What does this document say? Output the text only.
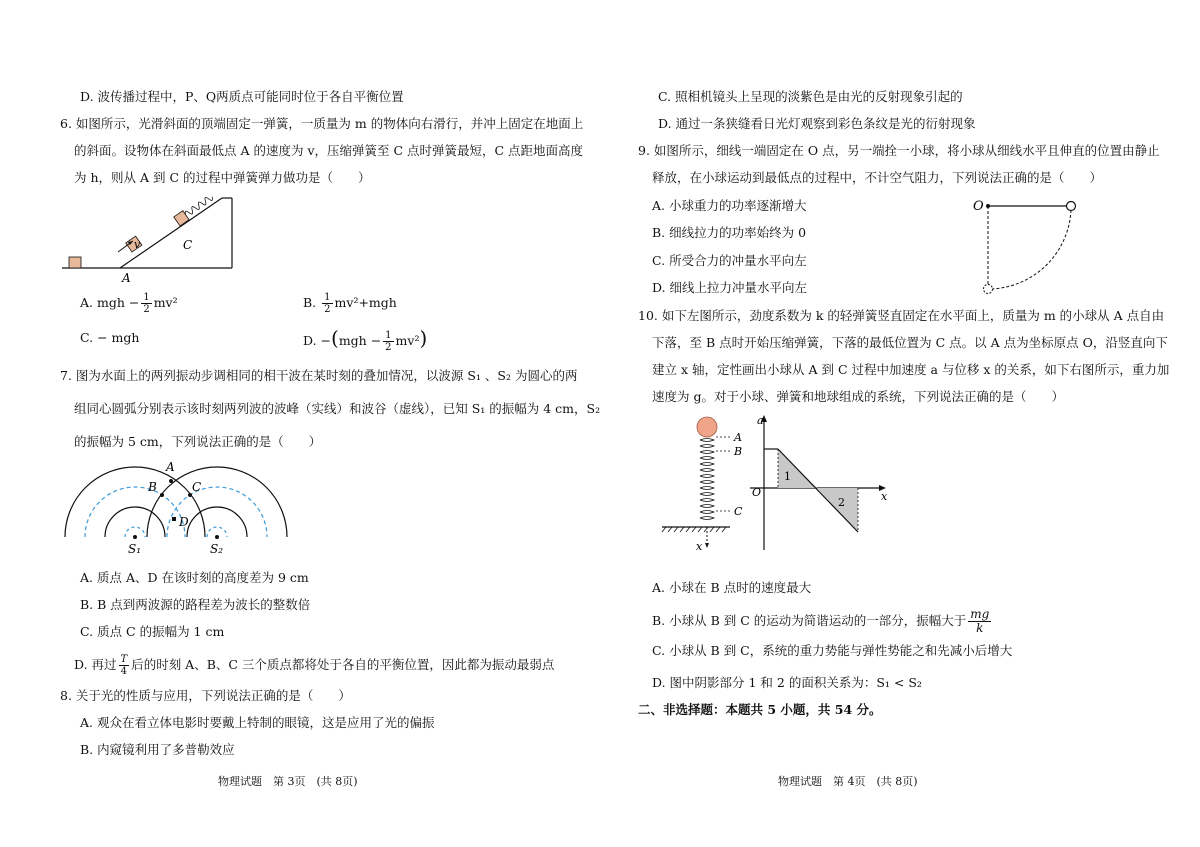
D. 波传播过程中，P、Q两质点可能同时位于各自平衡位置
6. 如图所示，光滑斜面的顶端固定一弹簧，一质量为 m 的物体向右滑行，并冲上固定在地面上
的斜面。设物体在斜面最低点 A 的速度为 v，压缩弹簧至 C 点时弹簧最短，C 点距地面高度
为 h，则从 A 到 C 的过程中弹簧弹力做功是（　　）
v
A
C
A. mgh − $\frac{1}{2} mv^2$	B. $\frac{1}{2} mv^2+mgh$
C. − mgh	D. $-(mgh - \frac{1}{2} mv^2)$
7. 图为水面上的两列振动步调相同的相干波在某时刻的叠加情况，以波源 S₁ 、S₂ 为圆心的两
组同心圆弧分别表示该时刻两列波的波峰（实线）和波谷（虚线），已知 S₁ 的振幅为 4 cm，S₂
的振幅为 5 cm，下列说法正确的是（　　）
A
B	C
D
S₁	S₂
A. 质点 A、D 在该时刻的高度差为 9 cm
B. B 点到两波源的路程差为波长的整数倍
C. 质点 C 的振幅为 1 cm
D. 再过 $\frac{T}{4}$ 后的时刻 A、B、C 三个质点都将处于各自的平衡位置，因此都为振动最弱点
8. 关于光的性质与应用，下列说法正确的是（　　）
A. 观众在看立体电影时要戴上特制的眼镜，这是应用了光的偏振
B. 内窥镜利用了多普勒效应
物理试题　第 3页　(共 8页)
C. 照相机镜头上呈现的淡紫色是由光的反射现象引起的
D. 通过一条狭缝看日光灯观察到彩色条纹是光的衍射现象
9. 如图所示，细线一端固定在 O 点，另一端拴一小球，将小球从细线水平且伸直的位置由静止
释放，在小球运动到最低点的过程中，不计空气阻力，下列说法正确的是（　　）
A. 小球重力的功率逐渐增大
B. 细线拉力的功率始终为 0
C. 所受合力的冲量水平向左
D. 细线上拉力冲量水平向左
O
10. 如下左图所示，劲度系数为 k 的轻弹簧竖直固定在水平面上，质量为 m 的小球从 A 点自由
下落，至 B 点时开始压缩弹簧，下落的最低位置为 C 点。以 A 点为坐标原点 O，沿竖直向下
建立 x 轴，定性画出小球从 A 到 C 过程中加速度 a 与位移 x 的关系，如下右图所示，重力加
速度为 g。对于小球、弹簧和地球组成的系统，下列说法正确的是（　　）
x
A
B
C
a
x
O
1
2
A. 小球在 B 点时的速度最大
B. 小球从 B 到 C 的运动为简谐运动的一部分，振幅大于 $\frac{mg}{k}$
C. 小球从 B 到 C，系统的重力势能与弹性势能之和先减小后增大
D. 图中阴影部分 1 和 2 的面积关系为：S₁ < S₂
二、非选择题：本题共 5 小题，共 54 分。
物理试题　第 4页　(共 8页)
